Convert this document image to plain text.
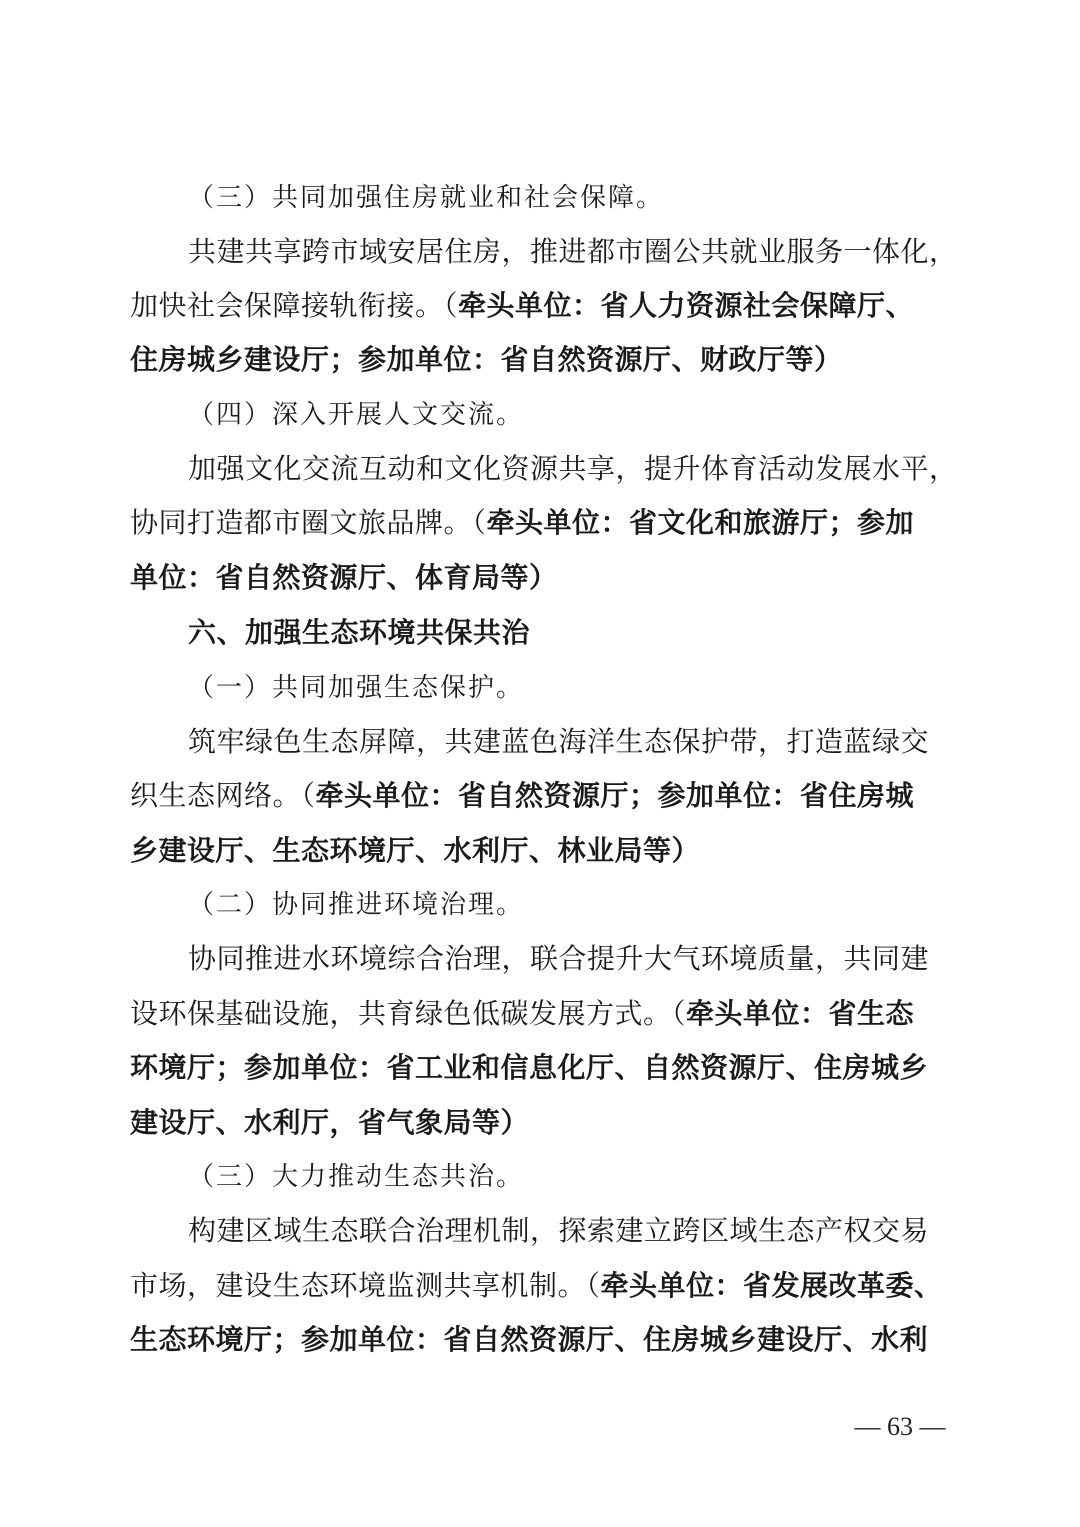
（三）共同加强住房就业和社会保障。
共建共享跨市域安居住房，推进都市圈公共就业服务一体化，
加快社会保障接轨衔接。（牵头单位：省人力资源社会保障厅、
住房城乡建设厅；参加单位：省自然资源厅、财政厅等）
（四）深入开展人文交流。
加强文化交流互动和文化资源共享，提升体育活动发展水平，
协同打造都市圈文旅品牌。（牵头单位：省文化和旅游厅；参加
单位：省自然资源厅、体育局等）
六、加强生态环境共保共治
（一）共同加强生态保护。
筑牢绿色生态屏障，共建蓝色海洋生态保护带，打造蓝绿交
织生态网络。（牵头单位：省自然资源厅；参加单位：省住房城
乡建设厅、生态环境厅、水利厅、林业局等）
（二）协同推进环境治理。
协同推进水环境综合治理，联合提升大气环境质量，共同建
设环保基础设施，共育绿色低碳发展方式。（牵头单位：省生态
环境厅；参加单位：省工业和信息化厅、自然资源厅、住房城乡
建设厅、水利厅，省气象局等）
（三）大力推动生态共治。
构建区域生态联合治理机制，探索建立跨区域生态产权交易
市场，建设生态环境监测共享机制。（牵头单位：省发展改革委、
生态环境厅；参加单位：省自然资源厅、住房城乡建设厅、水利
— 63 —
